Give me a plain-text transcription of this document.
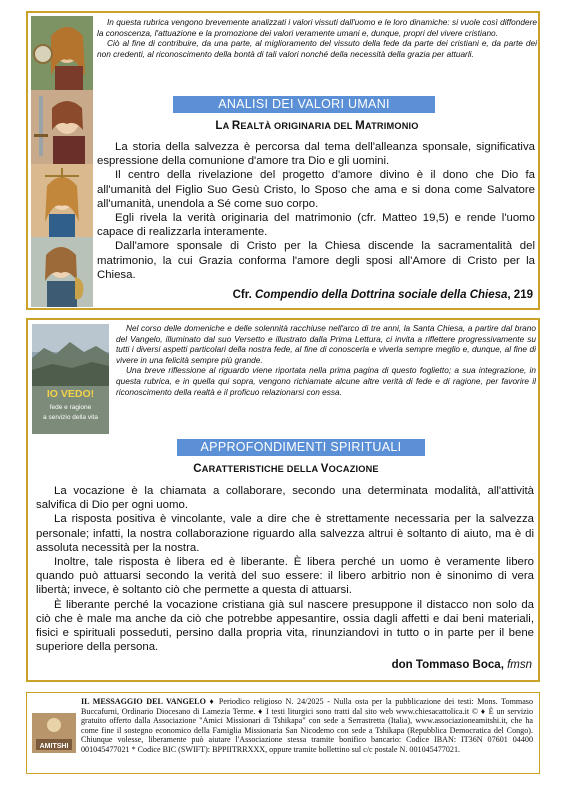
In questa rubrica vengono brevemente analizzati i valori vissuti dall'uomo e le loro dinamiche: si vuole così diffondere la conoscenza, l'attuazione e la promozione dei valori veramente umani e, dunque, propri del vivere cristiano.

Ciò al fine di contribuire, da una parte, al miglioramento del vissuto della fede da parte dei cristiani e, da parte dei non credenti, al riconoscimento della bontà di tali valori nonché della necessità della grazia per attuarli.

ANALISI DEI VALORI UMANI
LA REALTÀ ORIGINARIA DEL MATRIMONIO

La storia della salvezza è percorsa dal tema dell'alleanza sponsale, significativa espressione della comunione d'amore tra Dio e gli uomini.

Il centro della rivelazione del progetto d'amore divino è il dono che Dio fa all'umanità del Figlio Suo Gesù Cristo, lo Sposo che ama e si dona come Salvatore all'umanità, unendola a Sé come suo corpo.

Egli rivela la verità originaria del matrimonio (cfr. Matteo 19,5) e rende l'uomo capace di realizzarla interamente.

Dall'amore sponsale di Cristo per la Chiesa discende la sacramentalità del matrimonio, la cui Grazia conforma l'amore degli sposi all'Amore di Cristo per la Chiesa.

Cfr. Compendio della Dottrina sociale della Chiesa, 219
IO VEDO!
fede e ragione
a servizio della vita

Nel corso delle domeniche e delle solennità racchiuse nell'arco di tre anni, la Santa Chiesa, a partire dal brano del Vangelo, illuminato dal suo Versetto e illustrato dalla Prima Lettura, ci invita a riflettere progressivamente su tutti i diversi aspetti particolari della nostra fede, al fine di conoscerla e viverla sempre meglio e, dunque, al fine di vivere in una felicità sempre più grande.

Una breve riflessione al riguardo viene riportata nella prima pagina di questo foglietto; a sua integrazione, in questa rubrica, e in quella qui sopra, vengono richiamate alcune altre verità di fede e di ragione, per favorire il riconoscimento della realtà e il proficuo relazionarsi con essa.

APPROFONDIMENTI SPIRITUALI
CARATTERISTICHE DELLA VOCAZIONE

La vocazione è la chiamata a collaborare, secondo una determinata modalità, all'attività salvifica di Dio per ogni uomo.

La risposta positiva è vincolante, vale a dire che è strettamente necessaria per la salvezza personale; infatti, la nostra collaborazione riguardo alla salvezza altrui è soltanto di aiuto, ma è di assoluta necessità per la nostra.

Inoltre, tale risposta è libera ed è liberante. È libera perché un uomo è veramente libero quando può attuarsi secondo la verità del suo essere: il libero arbitrio non è sinonimo di vera libertà; invece, è soltanto ciò che permette a questa di attuarsi.

È liberante perché la vocazione cristiana già sul nascere presuppone il distacco non solo da ciò che è male ma anche da ciò che potrebbe appesantire, ossia dagli affetti e dai beni materiali, fisici e spirituali posseduti, persino dalla propria vita, rinunziandovi in tutto o in parte per il bene superiore della persona.

don Tommaso Boca, fmsn
AMITSHI
IL MESSAGGIO DEL VANGELO ♦ Periodico religioso N. 24/2025 - Nulla osta per la pubblicazione dei testi: Mons. Tommaso Buccafurni, Ordinario Diocesano di Lamezia Terme. ♦ I testi liturgici sono tratti dal sito web www.chiesacattolica.it © ♦ È un servizio gratuito offerto dalla Associazione "Amici Missionari di Tshikapa" con sede a Serrastretta (Italia), www.associazioneamitshi.it, che ha come fine il sostegno economico della Famiglia Missionaria San Nicodemo con sede a Tshikapa (Repubblica Democratica del Congo). Chiunque volesse, liberamente può aiutare l'Associazione stessa tramite bonifico bancario: Codice IBAN: IT36N 07601 04400 001045477021 * Codice BIC (SWIFT): BPPIITRRXXX, oppure tramite bollettino sul c/c postale N. 001045477021.
